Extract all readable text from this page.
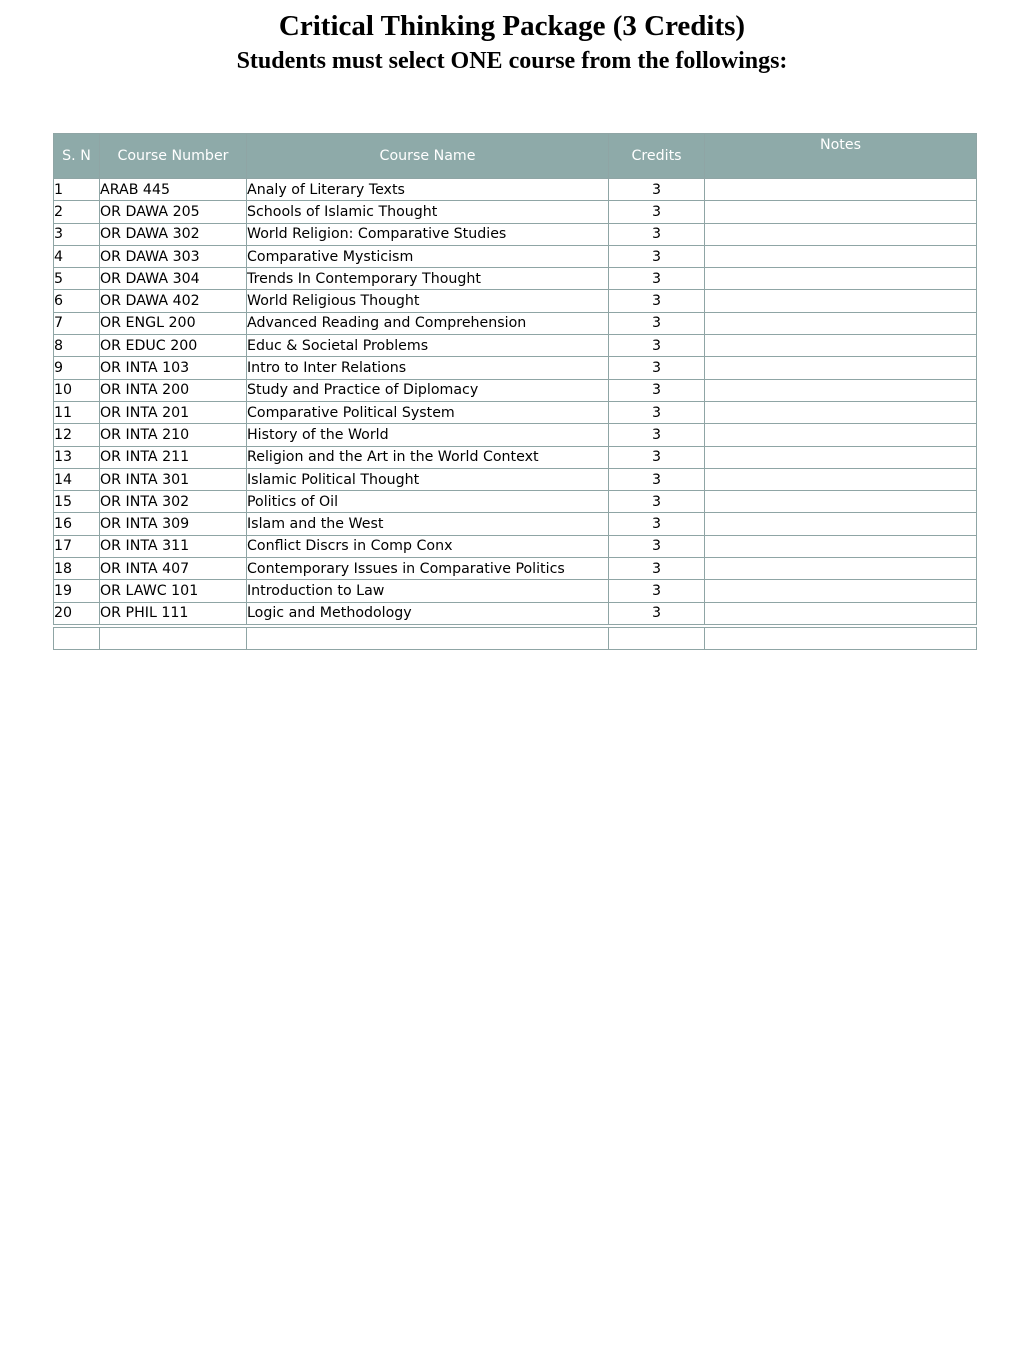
Critical Thinking Package (3 Credits)
Students must select ONE course from the followings:
S. N	Course Number	Course Name	Credits	Notes
1	ARAB 445	Analy of Literary Texts	3	
2	OR DAWA 205	Schools of Islamic Thought	3	
3	OR DAWA 302	World Religion: Comparative Studies	3	
4	OR DAWA 303	Comparative Mysticism	3	
5	OR DAWA 304	Trends In Contemporary Thought	3	
6	OR DAWA 402	World Religious Thought	3	
7	OR ENGL 200	Advanced Reading and Comprehension	3	
8	OR EDUC 200	Educ & Societal Problems	3	
9	OR INTA 103	Intro to Inter Relations	3	
10	OR INTA 200	Study and Practice of Diplomacy	3	
11	OR INTA 201	Comparative Political System	3	
12	OR INTA 210	History of the World	3	
13	OR INTA 211	Religion and the Art in the World Context	3	
14	OR INTA 301	Islamic Political Thought	3	
15	OR INTA 302	Politics of Oil	3	
16	OR INTA 309	Islam and the West	3	
17	OR INTA 311	Conflict Discrs in Comp Conx	3	
18	OR INTA 407	Contemporary Issues in Comparative Politics	3	
19	OR LAWC 101	Introduction to Law	3	
20	OR PHIL 111	Logic and Methodology	3	
